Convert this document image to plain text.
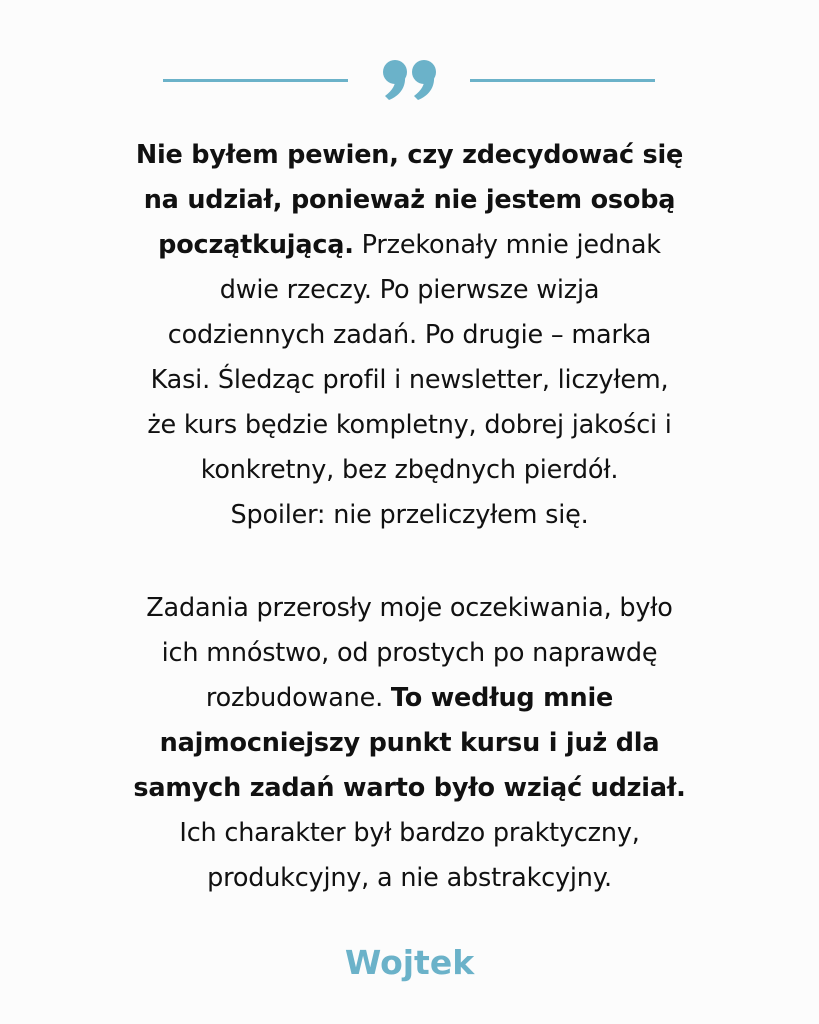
Nie byłem pewien, czy zdecydować się

na udział, ponieważ nie jestem osobą

początkującą. Przekonały mnie jednak

dwie rzeczy. Po pierwsze wizja

codziennych zadań. Po drugie – marka

Kasi. Śledząc profil i newsletter, liczyłem,

że kurs będzie kompletny, dobrej jakości i

konkretny, bez zbędnych pierdół.

Spoiler: nie przeliczyłem się.

Zadania przerosły moje oczekiwania, było

ich mnóstwo, od prostych po naprawdę

rozbudowane. To według mnie

najmocniejszy punkt kursu i już dla

samych zadań warto było wziąć udział.

Ich charakter był bardzo praktyczny,

produkcyjny, a nie abstrakcyjny.

Wojtek
